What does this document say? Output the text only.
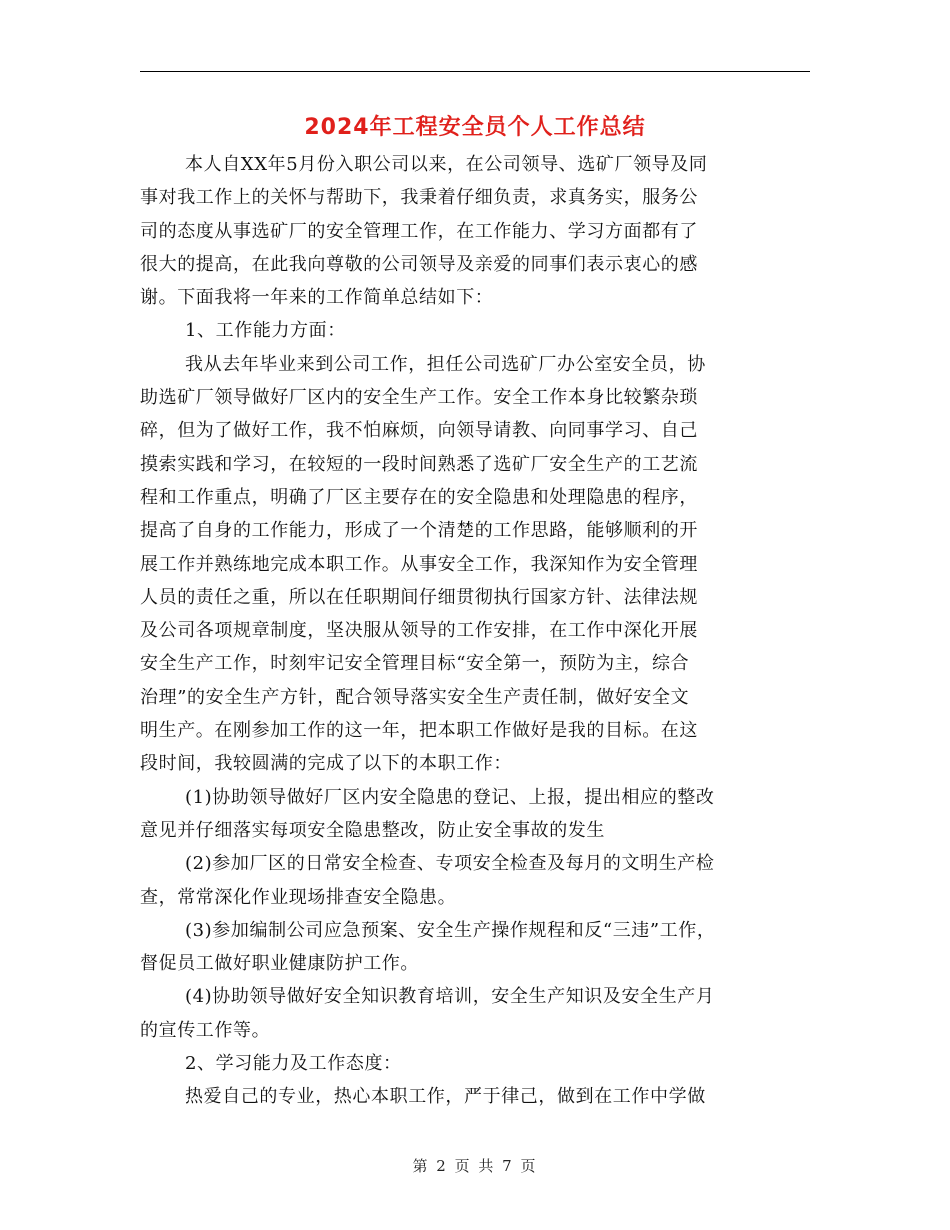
2024年工程安全员个人工作总结
本人自XX年5月份入职公司以来，在公司领导、选矿厂领导及同
事对我工作上的关怀与帮助下，我秉着仔细负责，求真务实，服务公
司的态度从事选矿厂的安全管理工作，在工作能力、学习方面都有了
很大的提高，在此我向尊敬的公司领导及亲爱的同事们表示衷心的感
谢。下面我将一年来的工作简单总结如下：
1、工作能力方面：
我从去年毕业来到公司工作，担任公司选矿厂办公室安全员，协
助选矿厂领导做好厂区内的安全生产工作。安全工作本身比较繁杂琐
碎，但为了做好工作，我不怕麻烦，向领导请教、向同事学习、自己
摸索实践和学习，在较短的一段时间熟悉了选矿厂安全生产的工艺流
程和工作重点，明确了厂区主要存在的安全隐患和处理隐患的程序，
提高了自身的工作能力，形成了一个清楚的工作思路，能够顺利的开
展工作并熟练地完成本职工作。从事安全工作，我深知作为安全管理
人员的责任之重，所以在任职期间仔细贯彻执行国家方针、法律法规
及公司各项规章制度，坚决服从领导的工作安排，在工作中深化开展
安全生产工作，时刻牢记安全管理目标“安全第一，预防为主，综合
治理”的安全生产方针，配合领导落实安全生产责任制，做好安全文
明生产。在刚参加工作的这一年，把本职工作做好是我的目标。在这
段时间，我较圆满的完成了以下的本职工作：
(1)协助领导做好厂区内安全隐患的登记、上报，提出相应的整改
意见并仔细落实每项安全隐患整改，防止安全事故的发生
(2)参加厂区的日常安全检查、专项安全检查及每月的文明生产检
查，常常深化作业现场排查安全隐患。
(3)参加编制公司应急预案、安全生产操作规程和反“三违”工作，
督促员工做好职业健康防护工作。
(4)协助领导做好安全知识教育培训，安全生产知识及安全生产月
的宣传工作等。
2、学习能力及工作态度：
热爱自己的专业，热心本职工作，严于律己，做到在工作中学做
第 2 页 共 7 页
